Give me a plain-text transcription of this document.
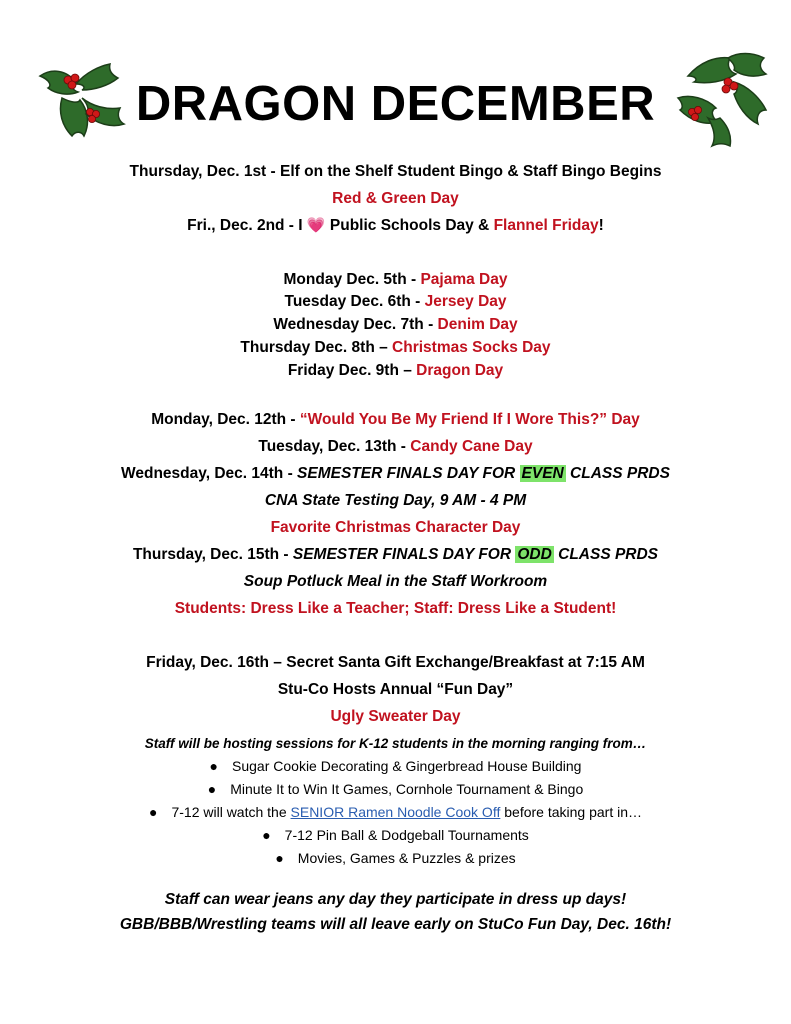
DRAGON DECEMBER
Thursday, Dec. 1st - Elf on the Shelf Student Bingo & Staff Bingo Begins
Red & Green Day
Fri., Dec. 2nd - I 💗 Public Schools Day & Flannel Friday!
Monday Dec. 5th - Pajama Day
Tuesday Dec. 6th - Jersey Day
Wednesday Dec. 7th - Denim Day
Thursday Dec. 8th – Christmas Socks Day
Friday Dec. 9th – Dragon Day
Monday, Dec. 12th - “Would You Be My Friend If I Wore This?” Day
Tuesday, Dec. 13th - Candy Cane Day
Wednesday, Dec. 14th - SEMESTER FINALS DAY FOR EVEN CLASS PRDS
CNA State Testing Day, 9 AM - 4 PM
Favorite Christmas Character Day
Thursday, Dec. 15th - SEMESTER FINALS DAY FOR ODD CLASS PRDS
Soup Potluck Meal in the Staff Workroom
Students: Dress Like a Teacher; Staff: Dress Like a Student!
Friday, Dec. 16th – Secret Santa Gift Exchange/Breakfast at 7:15 AM
Stu-Co Hosts Annual “Fun Day”
Ugly Sweater Day
Staff will be hosting sessions for K-12 students in the morning ranging from…
● Sugar Cookie Decorating & Gingerbread House Building
● Minute It to Win It Games, Cornhole Tournament & Bingo
● 7-12 will watch the SENIOR Ramen Noodle Cook Off before taking part in…
● 7-12 Pin Ball & Dodgeball Tournaments
● Movies, Games & Puzzles & prizes
Staff can wear jeans any day they participate in dress up days!
GBB/BBB/Wrestling teams will all leave early on StuCo Fun Day, Dec. 16th!
